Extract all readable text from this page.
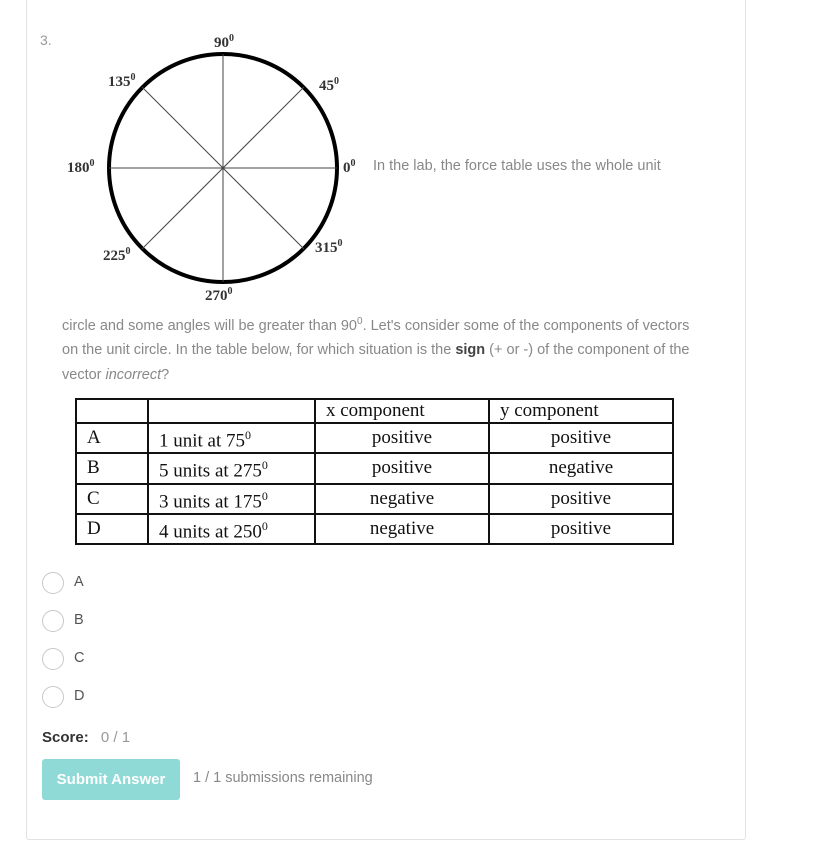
3.	$90^0$
$135^0$
$45^0$
$180^0$	$0^0$
$225^0$	$315^0$
$270^0$
In the lab, the force table uses the whole unit
circle and some angles will be greater than $90^0$. Let's consider some of the components of vectors on the unit circle. In the table below, for which situation is the sign (+ or -) of the component of the vector incorrect?
		x component	y component
A	1 unit at $75^0$	positive	positive
B	5 units at $275^0$	positive	negative
C	3 units at $175^0$	negative	positive
D	4 units at $250^0$	negative	positive
A
B
C
D
Score: 0 / 1
Submit Answer	1 / 1 submissions remaining
